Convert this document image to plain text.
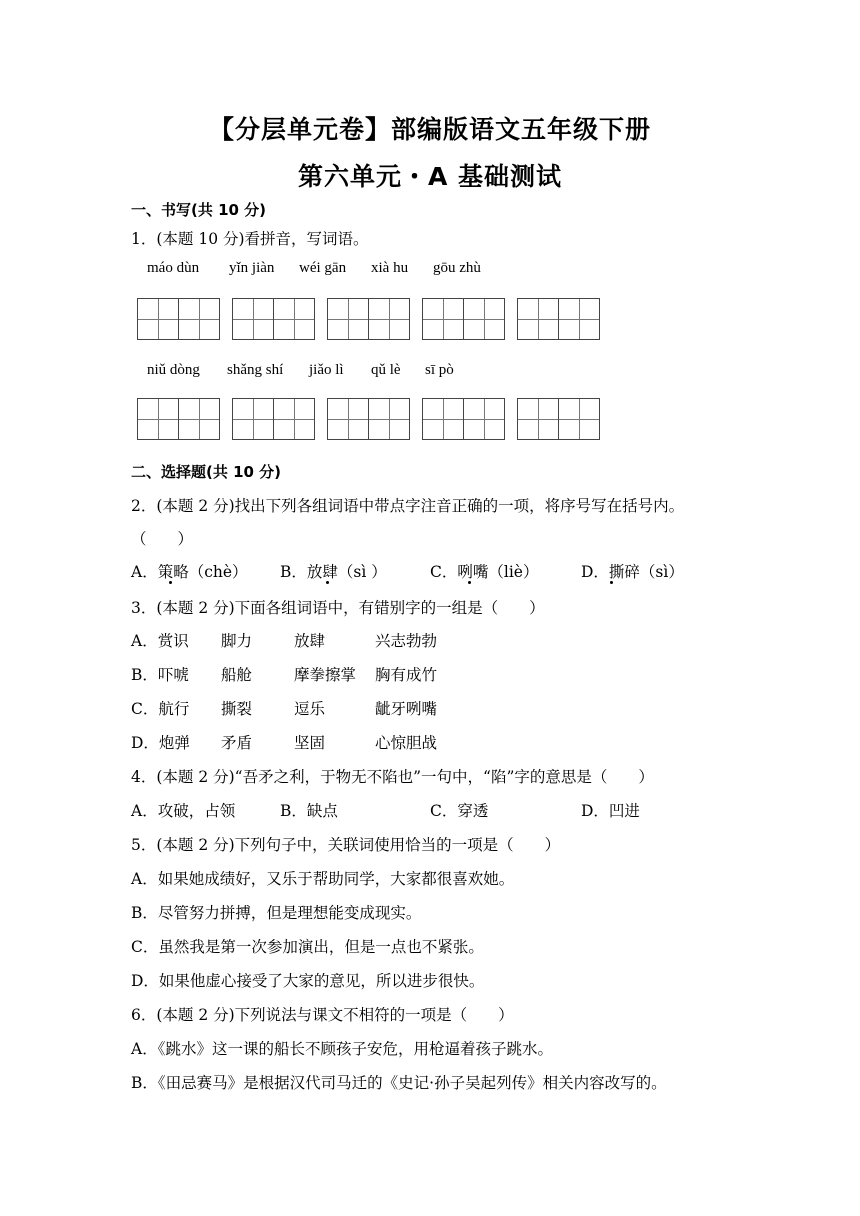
【分层单元卷】部编版语文五年级下册
第六单元・A 基础测试
一、书写(共 10 分)
1．(本题 10 分)看拼音，写词语。
máo dùn yǐn jiàn wéi gān xià hu gōu zhù
niǔ dòng shǎng shí jiǎo lì qǔ lè sī pò
二、选择题(共 10 分)
2．(本题 2 分)找出下列各组词语中带点字注音正确的一项，将序号写在括号内。
（　　）
A．策略（chè） B．放肆（sì ）	C．咧嘴（liè）	D．撕碎（sì）
3．(本题 2 分)下面各组词语中，有错别字的一组是（　　）
A．赏识 脚力	放肆	兴志勃勃
B．吓唬 船舱	摩拳擦掌 胸有成竹
C．航行 撕裂	逗乐	龇牙咧嘴
D．炮弹 矛盾	坚固	心惊胆战
4．(本题 2 分)“吾矛之利，于物无不陷也”一句中，“陷”字的意思是（　　）
A．攻破，占领	B．缺点	C．穿透	D．凹进
5．(本题 2 分)下列句子中，关联词使用恰当的一项是（　　）
A．如果她成绩好，又乐于帮助同学，大家都很喜欢她。
B．尽管努力拼搏，但是理想能变成现实。
C．虽然我是第一次参加演出，但是一点也不紧张。
D．如果他虚心接受了大家的意见，所以进步很快。
6．(本题 2 分)下列说法与课文不相符的一项是（　　）
A．《跳水》这一课的船长不顾孩子安危，用枪逼着孩子跳水。
B．《田忌赛马》是根据汉代司马迁的《史记·孙子吴起列传》相关内容改写的。
